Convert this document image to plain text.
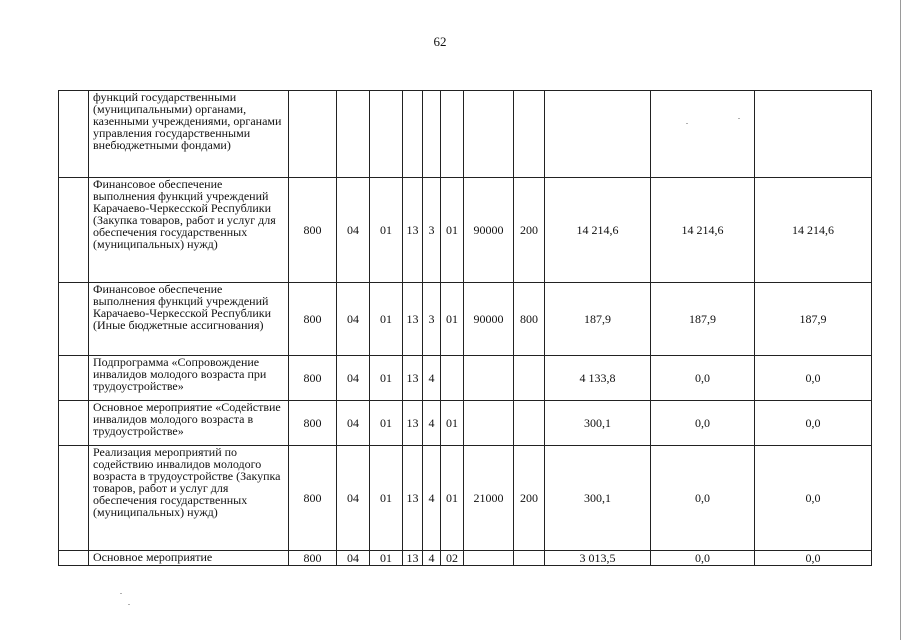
62
	функций государственными (муниципальными) органами, казенными учреждениями, органами управления государственными внебюджетными фондами)											
	Финансовое обеспечение выполнения функций учреждений Карачаево-Черкесской Республики (Закупка товаров, работ и услуг для обеспечения государственных (муниципальных) нужд)	800	04	01	13	3	01	90000	200	14 214,6	14 214,6	14 214,6
	Финансовое обеспечение выполнения функций учреждений Карачаево-Черкесской Республики (Иные бюджетные ассигнования)	800	04	01	13	3	01	90000	800	187,9	187,9	187,9
	Подпрограмма «Сопровождение инвалидов молодого возраста при трудоустройстве»	800	04	01	13	4				4 133,8	0,0	0,0
	Основное мероприятие «Содействие инвалидов молодого возраста в трудоустройстве»	800	04	01	13	4	01			300,1	0,0	0,0
	Реализация мероприятий по содействию инвалидов молодого возраста в трудоустройстве (Закупка товаров, работ и услуг для обеспечения государственных (муниципальных) нужд)	800	04	01	13	4	01	21000	200	300,1	0,0	0,0
	Основное мероприятие	800	04	01	13	4	02			3 013,5	0,0	0,0
